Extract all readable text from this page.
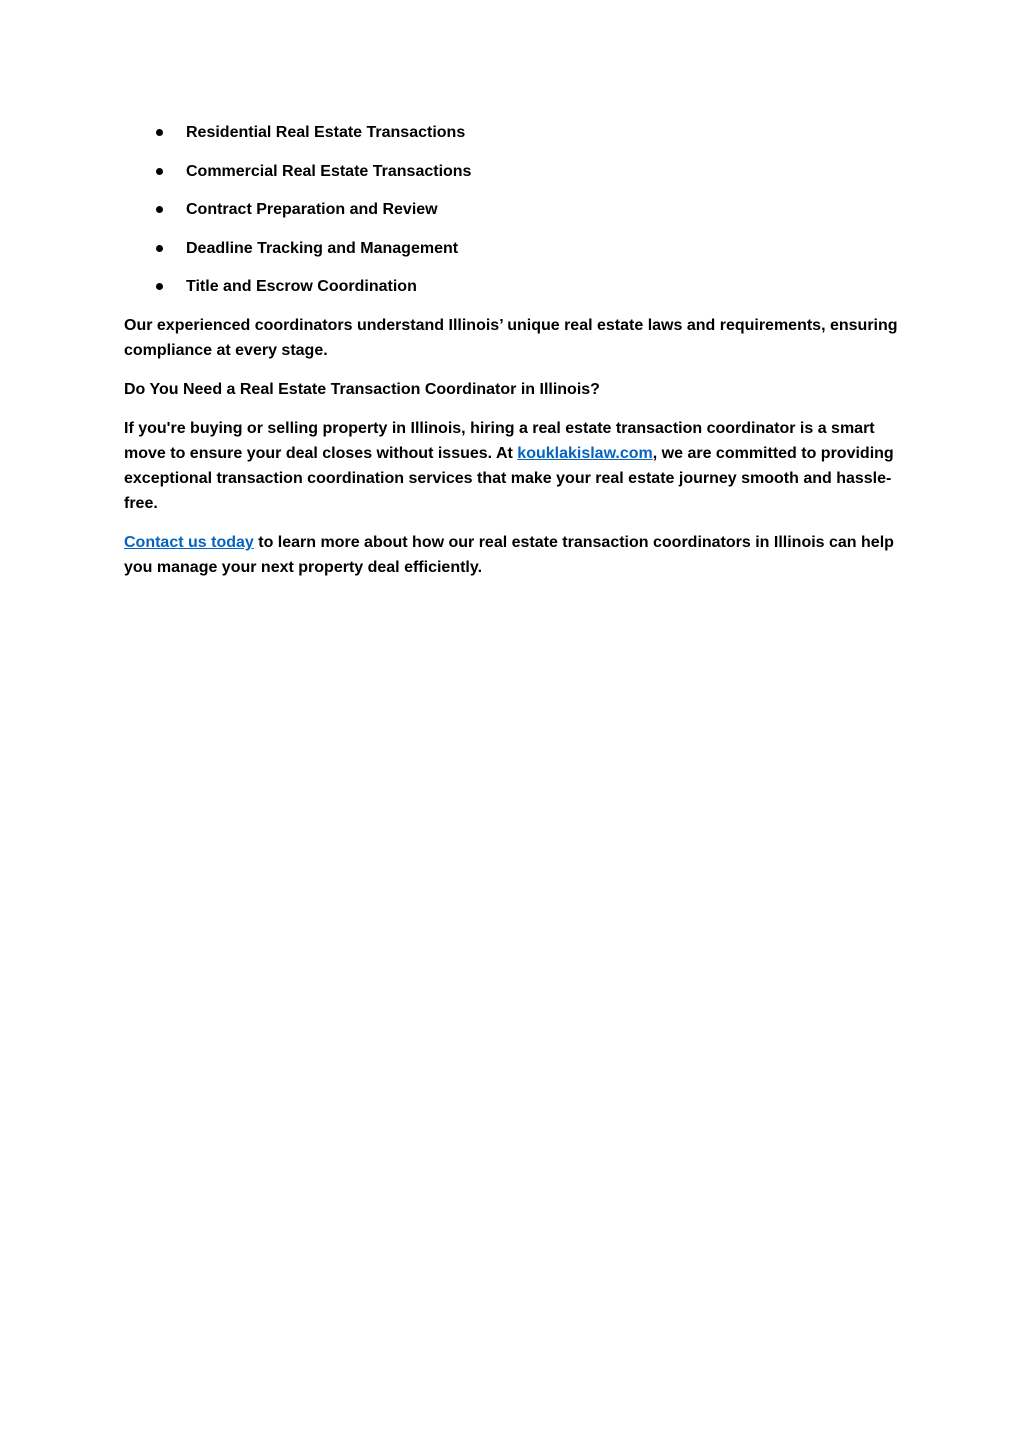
Residential Real Estate Transactions
Commercial Real Estate Transactions
Contract Preparation and Review
Deadline Tracking and Management
Title and Escrow Coordination

Our experienced coordinators understand Illinois’ unique real estate laws and requirements, ensuring compliance at every stage.

Do You Need a Real Estate Transaction Coordinator in Illinois?

If you're buying or selling property in Illinois, hiring a real estate transaction coordinator is a smart move to ensure your deal closes without issues. At kouklakislaw.com, we are committed to providing exceptional transaction coordination services that make your real estate journey smooth and hassle-free.

Contact us today to learn more about how our real estate transaction coordinators in Illinois can help you manage your next property deal efficiently.
